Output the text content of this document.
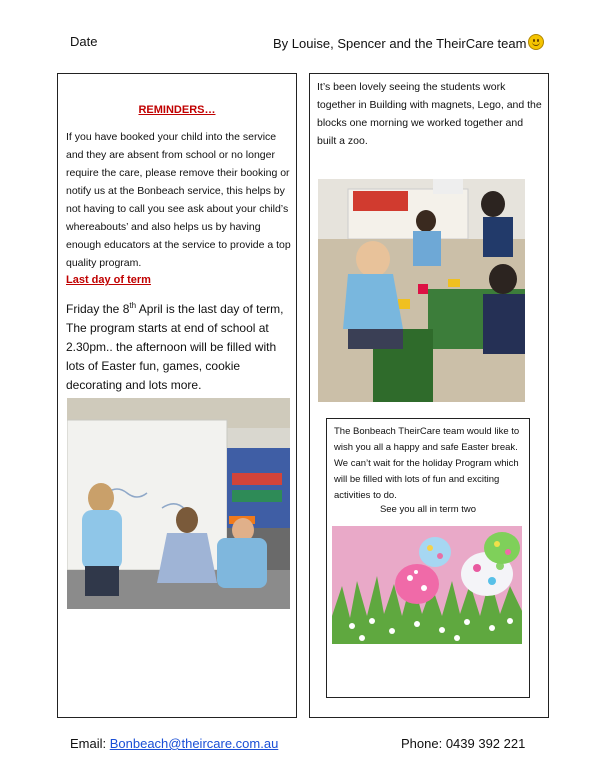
Date	By Louise, Spencer and the TheirCare team
REMINDERS…
If you have booked your child into the service and they are absent from school or no longer require the care, please remove their booking or notify us at the Bonbeach service, this helps by not having to call you see ask about your child’s whereabouts’ and also helps us by having enough educators at the service to provide a top quality program.
Last day of term
Friday the 8th April is the last day of term, The program starts at end of school at 2.30pm.. the afternoon will be filled with lots of Easter fun, games, cookie decorating and lots more.
It’s been lovely seeing the students work together in Building with magnets, Lego, and the blocks one morning we worked together and built a zoo.
The Bonbeach TheirCare team would like to wish you all a happy and safe Easter break. We can’t wait for the holiday Program which will be filled with lots of fun and exciting activities to do.
See you all in term two
Email: Bonbeach@theircare.com.au	Phone: 0439 392 221
